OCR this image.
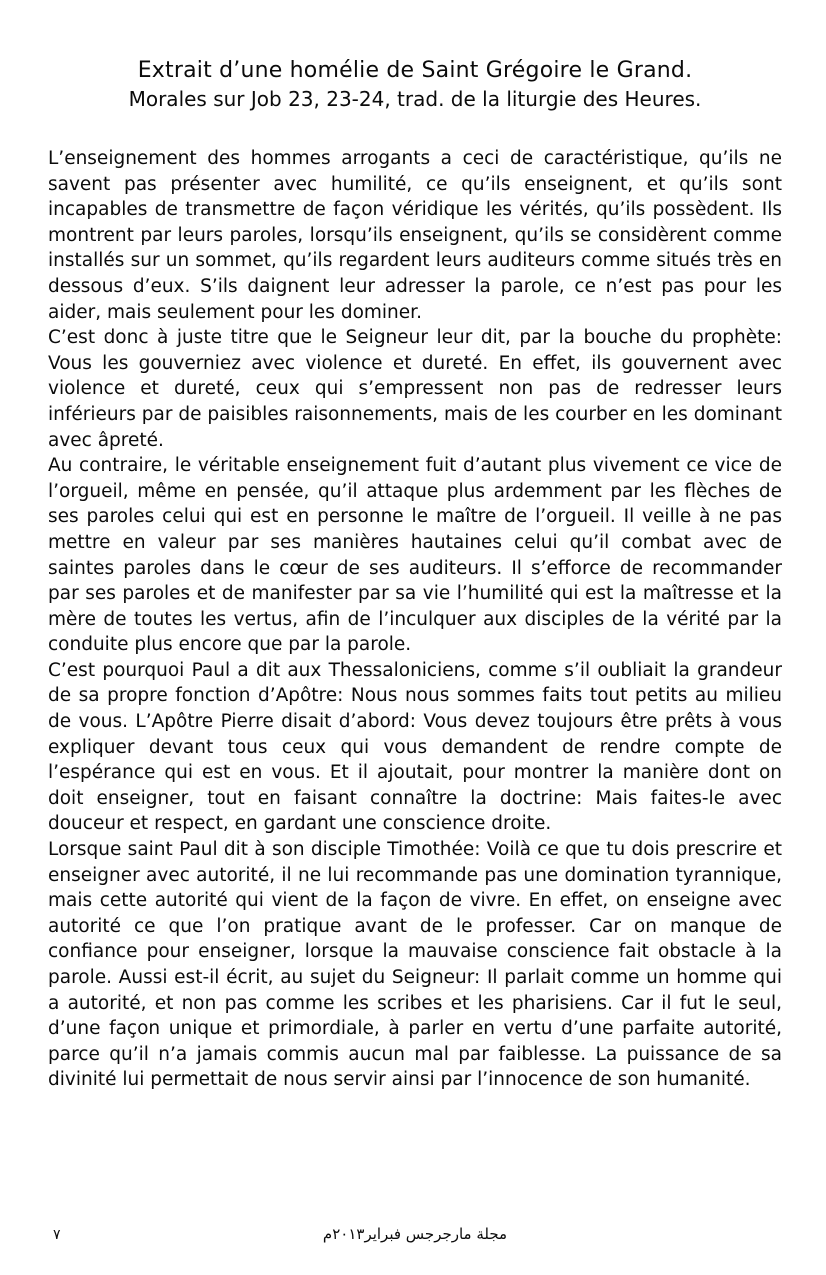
Extrait d’une homélie de Saint Grégoire le Grand.
Morales sur Job 23, 23-24, trad. de la liturgie des Heures.

L’enseignement des hommes arrogants a ceci de caractéristique, qu’ils ne savent pas présenter avec humilité, ce qu’ils enseignent, et qu’ils sont incapables de transmettre de façon véridique les vérités, qu’ils possèdent. Ils montrent par leurs paroles, lorsqu’ils enseignent, qu’ils se considèrent comme installés sur un sommet, qu’ils regardent leurs auditeurs comme situés très en dessous d’eux. S’ils daignent leur adresser la parole, ce n’est pas pour les aider, mais seulement pour les dominer.

C’est donc à juste titre que le Seigneur leur dit, par la bouche du prophète: Vous les gouverniez avec violence et dureté. En effet, ils gouvernent avec violence et dureté, ceux qui s’empressent non pas de redresser leurs inférieurs par de paisibles raisonnements, mais de les courber en les dominant avec âpreté.

Au contraire, le véritable enseignement fuit d’autant plus vivement ce vice de l’orgueil, même en pensée, qu’il attaque plus ardemment par les flèches de ses paroles celui qui est en personne le maître de l’orgueil. Il veille à ne pas mettre en valeur par ses manières hautaines celui qu’il combat avec de saintes paroles dans le cœur de ses auditeurs. Il s’efforce de recommander par ses paroles et de manifester par sa vie l’humilité qui est la maîtresse et la mère de toutes les vertus, afin de l’inculquer aux disciples de la vérité par la conduite plus encore que par la parole.

C’est pourquoi Paul a dit aux Thessaloniciens, comme s’il oubliait la grandeur de sa propre fonction d’Apôtre: Nous nous sommes faits tout petits au milieu de vous. L’Apôtre Pierre disait d’abord: Vous devez toujours être prêts à vous expliquer devant tous ceux qui vous demandent de rendre compte de l’espérance qui est en vous. Et il ajoutait, pour montrer la manière dont on doit enseigner, tout en faisant connaître la doctrine: Mais faites-le avec douceur et respect, en gardant une conscience droite.

Lorsque saint Paul dit à son disciple Timothée: Voilà ce que tu dois prescrire et enseigner avec autorité, il ne lui recommande pas une domination tyrannique, mais cette autorité qui vient de la façon de vivre. En effet, on enseigne avec autorité ce que l’on pratique avant de le professer. Car on manque de confiance pour enseigner, lorsque la mauvaise conscience fait obstacle à la parole. Aussi est-il écrit, au sujet du Seigneur: Il parlait comme un homme qui a autorité, et non pas comme les scribes et les pharisiens. Car il fut le seul, d’une façon unique et primordiale, à parler en vertu d’une parfaite autorité, parce qu’il n’a jamais commis aucun mal par faiblesse. La puissance de sa divinité lui permettait de nous servir ainsi par l’innocence de son humanité.

٧	مجلة مارجرجس فبراير٢٠١٣م
